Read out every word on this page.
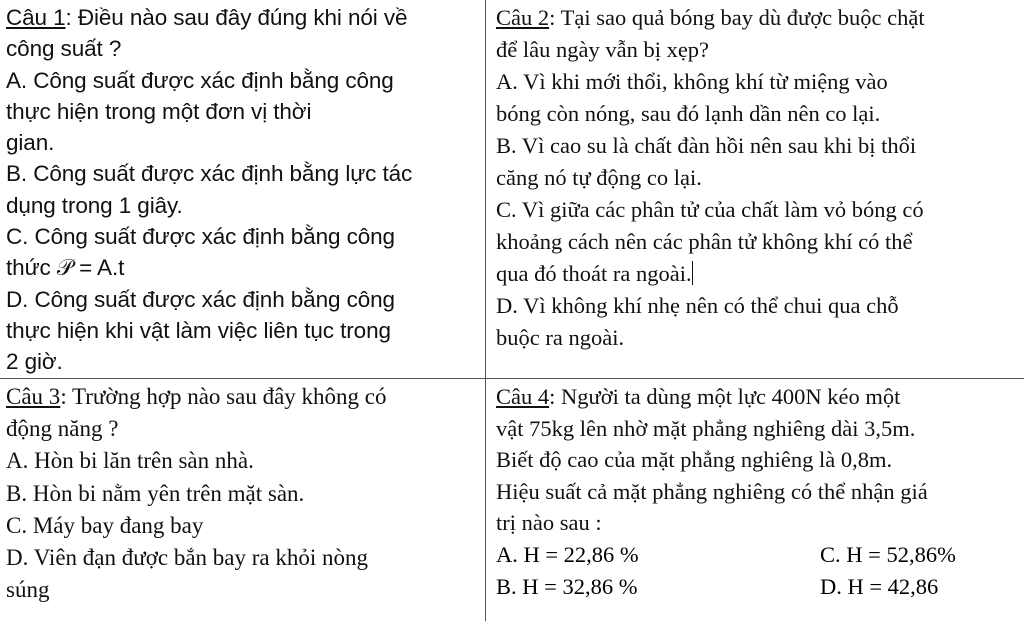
Câu 1: Điều nào sau đây đúng khi nói về
công suất ?
A. Công suất được xác định bằng công
thực hiện trong một đơn vị thời
gian.
B. Công suất được xác định bằng lực tác
dụng trong 1 giây.
C. Công suất được xác định bằng công
thức 𝒫 = A.t
D. Công suất được xác định bằng công
thực hiện khi vật làm việc liên tục trong
2 giờ.
Câu 2: Tại sao quả bóng bay dù được buộc chặt
để lâu ngày vẫn bị xẹp?
A. Vì khi mới thổi, không khí từ miệng vào
bóng còn nóng, sau đó lạnh dần nên co lại.
B. Vì cao su là chất đàn hồi nên sau khi bị thổi
căng nó tự động co lại.
C. Vì giữa các phân tử của chất làm vỏ bóng có
khoảng cách nên các phân tử không khí có thể
qua đó thoát ra ngoài.
D. Vì không khí nhẹ nên có thể chui qua chỗ
buộc ra ngoài.
Câu 3: Trường hợp nào sau đây không có
động năng ?
A. Hòn bi lăn trên sàn nhà.
B. Hòn bi nằm yên trên mặt sàn.
C. Máy bay đang bay
D. Viên đạn được bắn bay ra khỏi nòng
súng
Câu 4: Người ta dùng một lực 400N kéo một
vật 75kg lên nhờ mặt phẳng nghiêng dài 3,5m.
Biết độ cao của mặt phẳng nghiêng là 0,8m.
Hiệu suất cả mặt phẳng nghiêng có thể nhận giá
trị nào sau :
A. H = 22,86 %
B. H = 32,86 %
C. H = 52,86%
D. H = 42,86
